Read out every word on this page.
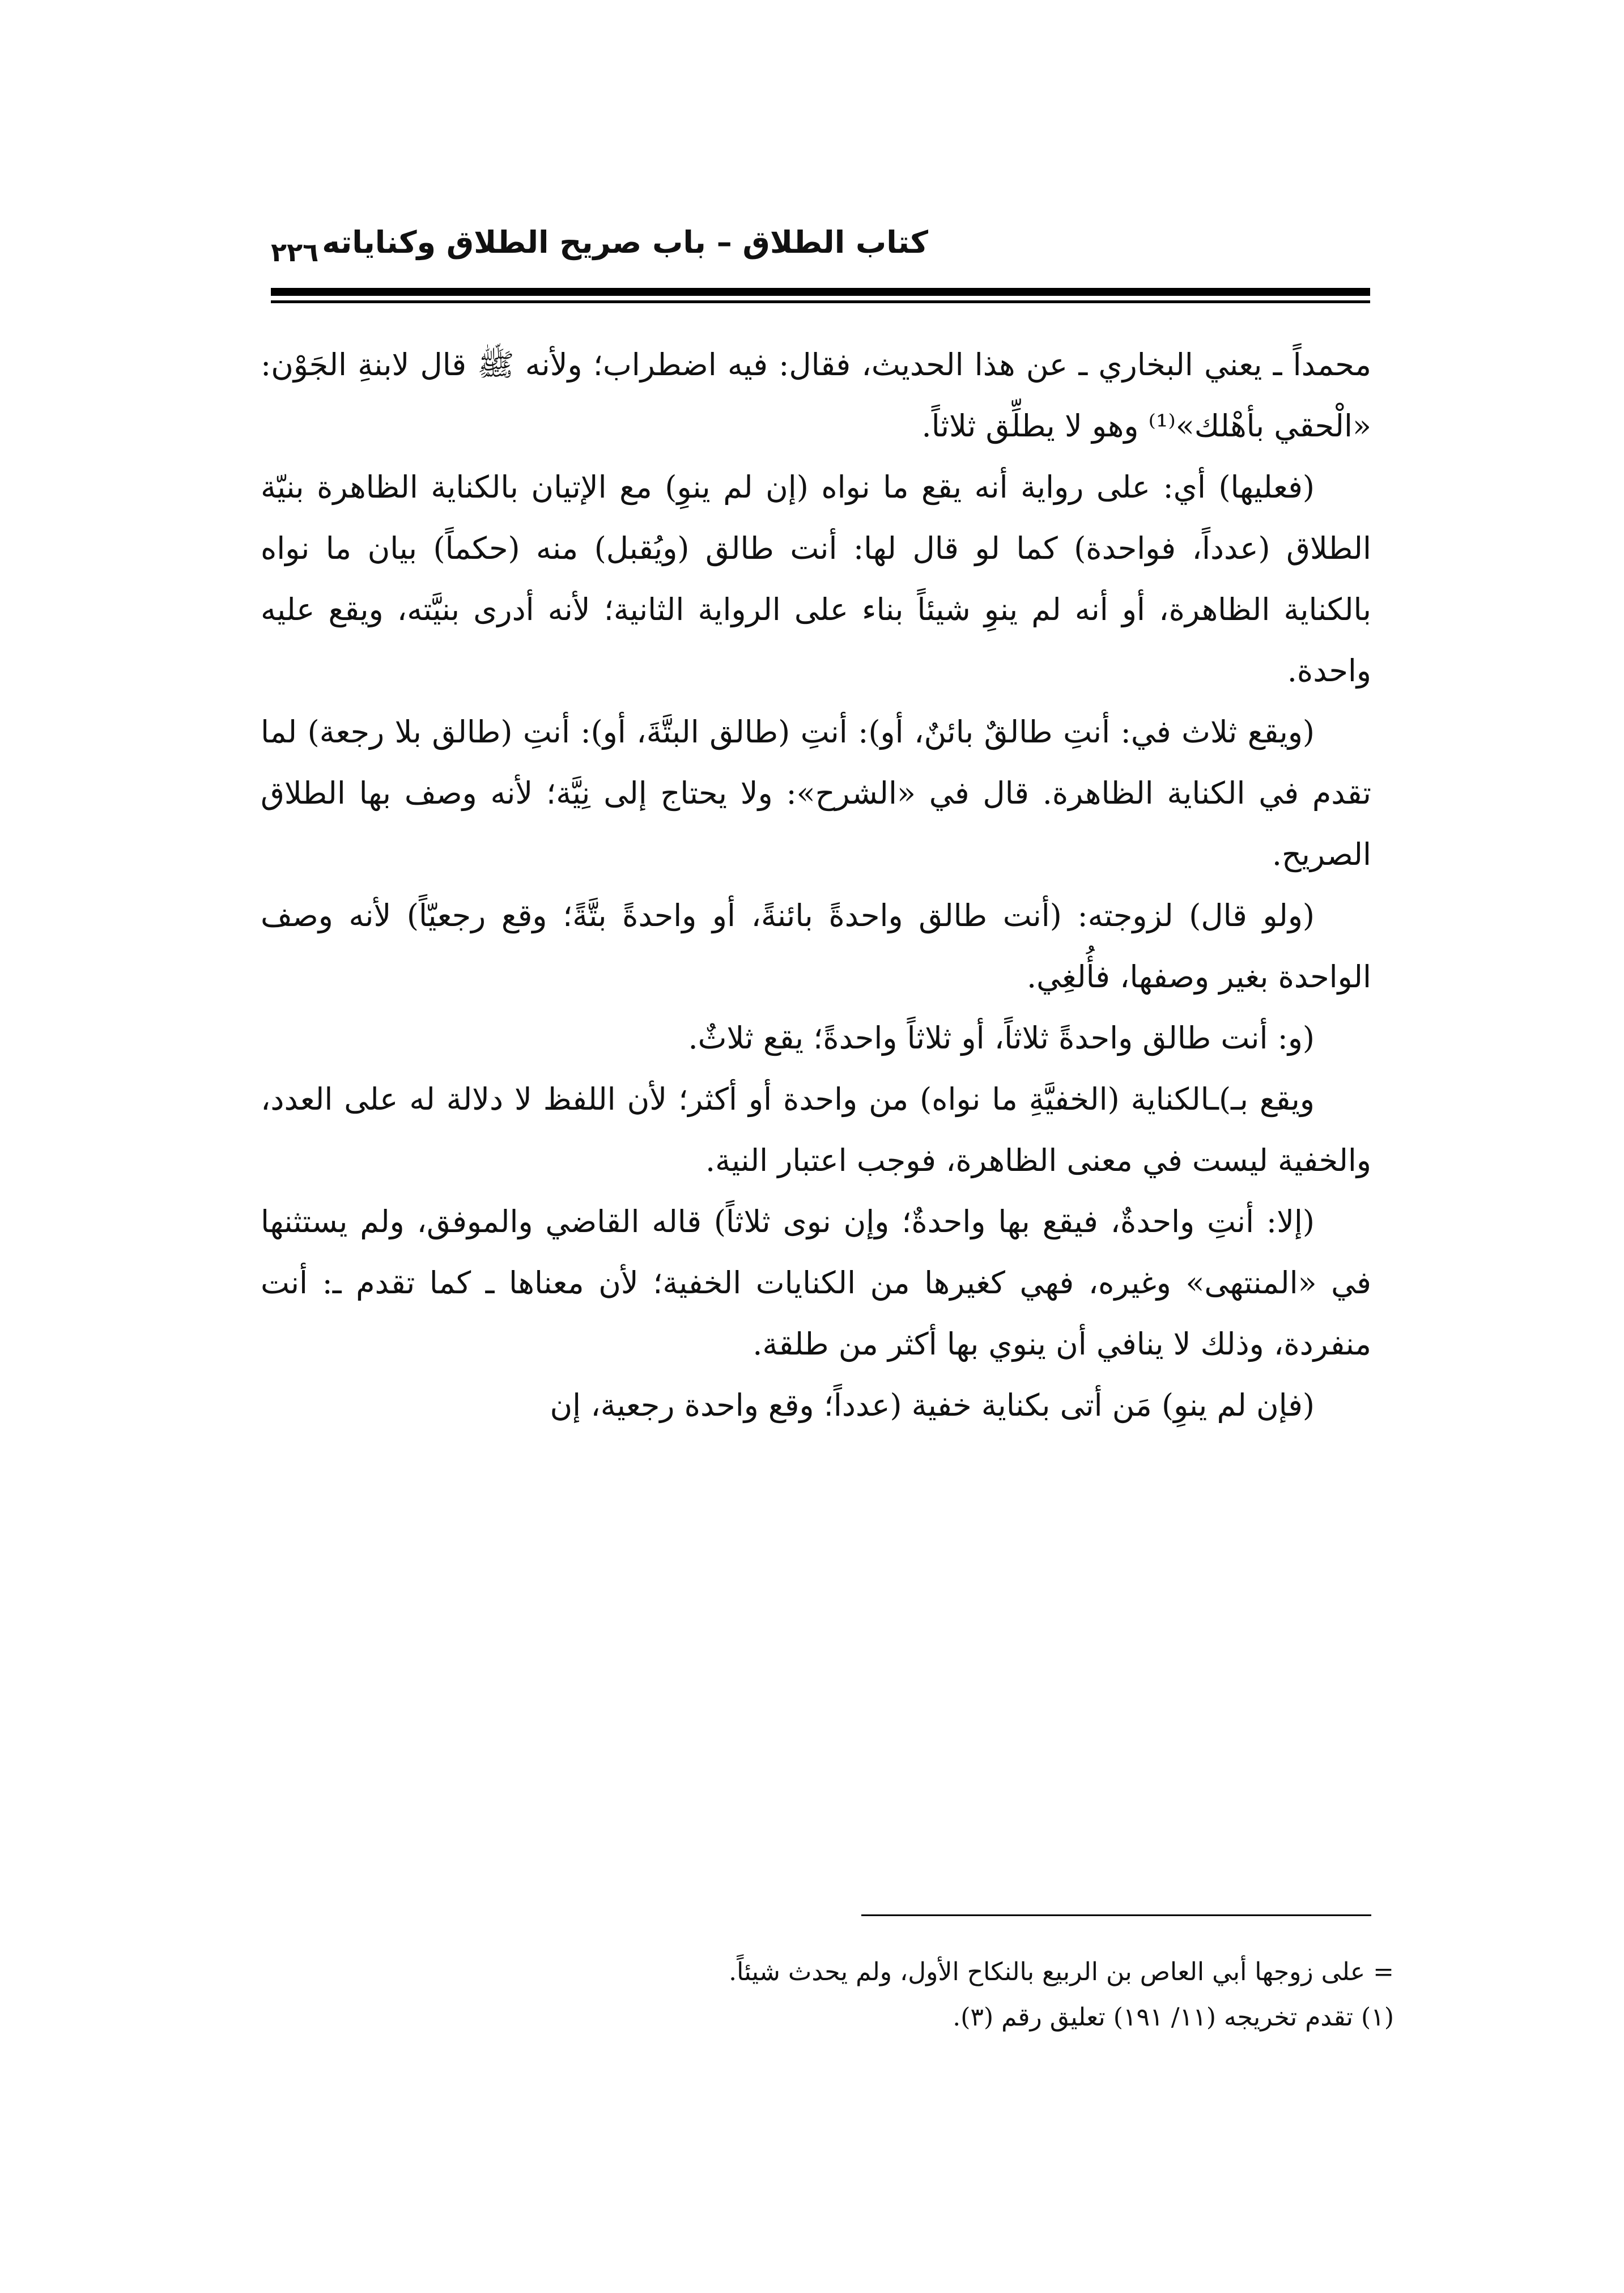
كتاب الطلاق – باب صريح الطلاق وكناياته
٢٢٦

محمداً ـ يعني البخاري ـ عن هذا الحديث، فقال: فيه اضطراب؛ ولأنه ﷺ قال لابنةِ الجَوْن: «الْحقي بأهْلك»⁽¹⁾ وهو لا يطلِّق ثلاثاً.

(فعليها) أي: على رواية أنه يقع ما نواه (إن لم ينوِ) مع الإتيان بالكناية الظاهرة بنيّة الطلاق (عدداً، فواحدة) كما لو قال لها: أنت طالق (ويُقبل) منه (حكماً) بيان ما نواه بالكناية الظاهرة، أو أنه لم ينوِ شيئاً بناء على الرواية الثانية؛ لأنه أدرى بنيَّته، ويقع عليه واحدة.

(ويقع ثلاث في: أنتِ طالقٌ بائنٌ، أو): أنتِ (طالق البتَّةَ، أو): أنتِ (طالق بلا رجعة) لما تقدم في الكناية الظاهرة. قال في «الشرح»: ولا يحتاج إلى نِيَّة؛ لأنه وصف بها الطلاق الصريح.

(ولو قال) لزوجته: (أنت طالق واحدةً بائنةً، أو واحدةً بتَّةً؛ وقع رجعيّاً) لأنه وصف الواحدة بغير وصفها، فأُلغِي.

(و: أنت طالق واحدةً ثلاثاً، أو ثلاثاً واحدةً؛ يقع ثلاثٌ.

ويقع بـ)ـالكناية (الخفيَّةِ ما نواه) من واحدة أو أكثر؛ لأن اللفظ لا دلالة له على العدد، والخفية ليست في معنى الظاهرة، فوجب اعتبار النية.

(إلا: أنتِ واحدةٌ، فيقع بها واحدةٌ؛ وإن نوى ثلاثاً) قاله القاضي والموفق، ولم يستثنها في «المنتهى» وغيره، فهي كغيرها من الكنايات الخفية؛ لأن معناها ـ كما تقدم ـ: أنت منفردة، وذلك لا ينافي أن ينوي بها أكثر من طلقة.

(فإن لم ينوِ) مَن أتى بكناية خفية (عدداً؛ وقع واحدة رجعية، إن

= على زوجها أبي العاص بن الربيع بالنكاح الأول، ولم يحدث شيئاً.

(١) تقدم تخريجه (١١/ ١٩١) تعليق رقم (٣).
